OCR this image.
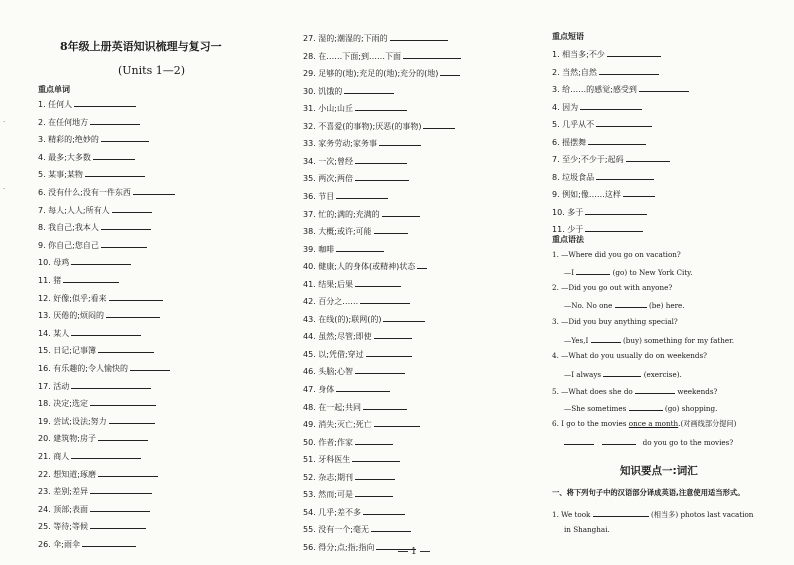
8年级上册英语知识梳理与复习一
(Units 1—2)
·
·
重点单词
1. 任何人
2. 在任何地方
3. 精彩的;绝妙的
4. 最多;大多数
5. 某事;某物
6. 没有什么;没有一件东西
7. 每人;人人;所有人
8. 我自己;我本人
9. 你自己;您自己
10. 母鸡
11. 猪
12. 好像;似乎;看来
13. 厌倦的;烦闷的
14. 某人
15. 日记;记事簿
16. 有乐趣的;令人愉快的
17. 活动
18. 决定;选定
19. 尝试;设法;努力
20. 建筑物;房子
21. 商人
22. 想知道;琢磨
23. 差别;差异
24. 顶部;表面
25. 等待;等候
26. 伞;雨伞
27. 湿的;潮湿的;下雨的
28. 在……下面;到……下面
29. 足够的(地);充足的(地);充分的(地)
30. 饥饿的
31. 小山;山丘
32. 不喜爱(的事物);厌恶(的事物)
33. 家务劳动;家务事
34. 一次;曾经
35. 两次;两倍
36. 节目
37. 忙的;满的;充满的
38. 大概;或许;可能
39. 咖啡
40. 健康;人的身体(或精神)状态
41. 结果;后果
42. 百分之……
43. 在线(的);联网(的)
44. 虽然;尽管;即使
45. 以;凭借;穿过
46. 头脑;心智
47. 身体
48. 在一起;共同
49. 消失;灭亡;死亡
50. 作者;作家
51. 牙科医生
52. 杂志;期刊
53. 然而;可是
54. 几乎;差不多
55. 没有一个;毫无
56. 得分;点;指;指向
重点短语
1. 相当多;不少
2. 当然;自然
3. 给……的感觉;感受到
4. 因为
5. 几乎从不
6. 摇摆舞
7. 至少;不少于;起码
8. 垃圾食品
9. 例如;像……这样
10. 多于
11. 少于
重点语法
1. —Where did you go on vacation?
—I	(go) to New York City.
2. —Did you go out with anyone?
—No. No one	(be) here.
3. —Did you buy anything special?
—Yes,I	(buy) something for my father.
4. —What do you usually do on weekends?
—I always	(exercise).
5. —What does she do	weekends?
—She sometimes	(go) shopping.
6. I go to the movies once a month.(对画线部分提问)
do you go to the movies?
知识要点一:词汇
一、将下列句子中的汉语部分译成英语,注意使用适当形式。
1. We took	(相当多) photos last vacation
in Shanghai.
1
